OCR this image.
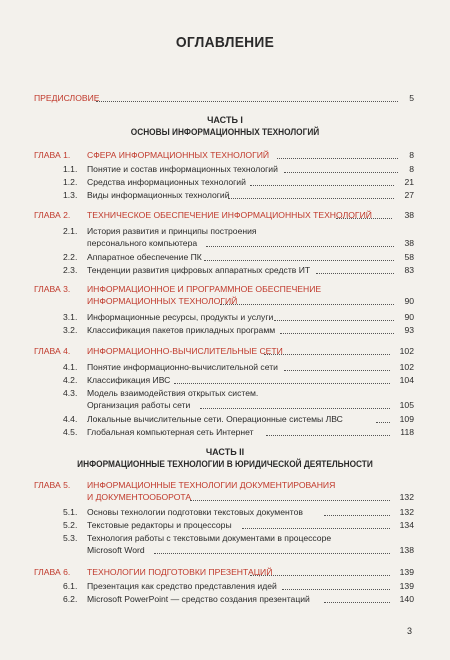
ОГЛАВЛЕНИЕ
ПРЕДИСЛОВИЕ	5
ЧАСТЬ I
ОСНОВЫ ИНФОРМАЦИОННЫХ ТЕХНОЛОГИЙ
ГЛАВА 1. СФЕРА ИНФОРМАЦИОННЫХ ТЕХНОЛОГИЙ	8
1.1. Понятие и состав информационных технологий	8
1.2. Средства информационных технологий	21
1.3. Виды информационных технологий	27
ГЛАВА 2. ТЕХНИЧЕСКОЕ ОБЕСПЕЧЕНИЕ ИНФОРМАЦИОННЫХ ТЕХНОЛОГИЙ	38
2.1. История развития и принципы построения
персонального компьютера	38
2.2. Аппаратное обеспечение ПК	58
2.3. Тенденции развития цифровых аппаратных средств ИТ	83
ГЛАВА 3. ИНФОРМАЦИОННОЕ И ПРОГРАММНОЕ ОБЕСПЕЧЕНИЕ
ИНФОРМАЦИОННЫХ ТЕХНОЛОГИЙ	90
3.1. Информационные ресурсы, продукты и услуги	90
3.2. Классификация пакетов прикладных программ	93
ГЛАВА 4. ИНФОРМАЦИОННО-ВЫЧИСЛИТЕЛЬНЫЕ СЕТИ	102
4.1. Понятие информационно-вычислительной сети	102
4.2. Классификация ИВС	104
4.3. Модель взаимодействия открытых систем.
Организация работы сети	105
4.4. Локальные вычислительные сети. Операционные системы ЛВС	109
4.5. Глобальная компьютерная сеть Интернет	118
ЧАСТЬ II
ИНФОРМАЦИОННЫЕ ТЕХНОЛОГИИ В ЮРИДИЧЕСКОЙ ДЕЯТЕЛЬНОСТИ
ГЛАВА 5. ИНФОРМАЦИОННЫЕ ТЕХНОЛОГИИ ДОКУМЕНТИРОВАНИЯ
И ДОКУМЕНТООБОРОТА	132
5.1. Основы технологии подготовки текстовых документов	132
5.2. Текстовые редакторы и процессоры	134
5.3. Технология работы с текстовыми документами в процессоре
Microsoft Word	138
ГЛАВА 6. ТЕХНОЛОГИИ ПОДГОТОВКИ ПРЕЗЕНТАЦИЙ	139
6.1. Презентация как средство представления идей	139
6.2. Microsoft PowerPoint — средство создания презентаций	140
3
